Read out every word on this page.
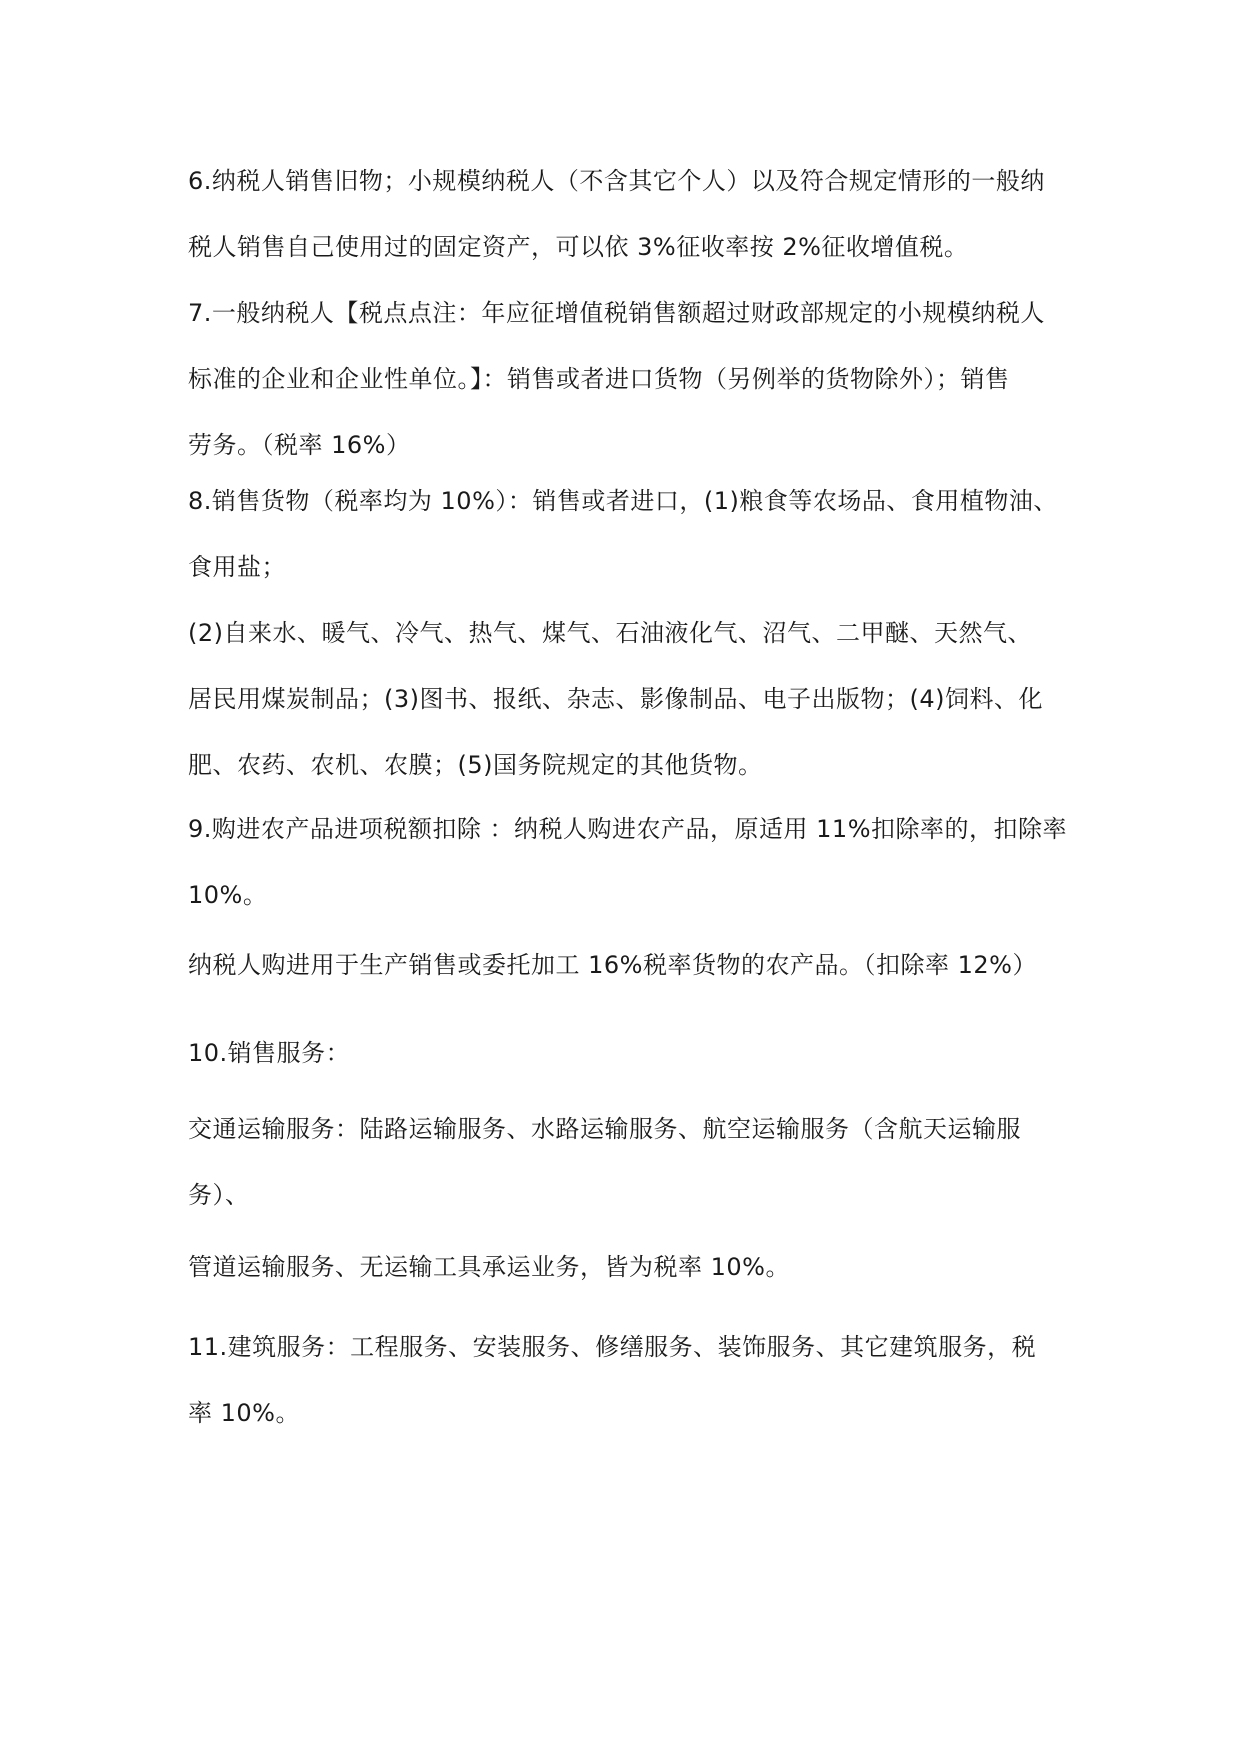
6.纳税人销售旧物；小规模纳税人（不含其它个人）以及符合规定情形的一般纳
税人销售自己使用过的固定资产，可以依 3%征收率按 2%征收增值税。

7.一般纳税人【税点点注：年应征增值税销售额超过财政部规定的小规模纳税人
标准的企业和企业性单位。】：销售或者进口货物（另例举的货物除外）；销售
劳务。（税率 16%）

8.销售货物（税率均为 10%）：销售或者进口，(1)粮食等农场品、食用植物油、
食用盐；

(2)自来水、暖气、冷气、热气、煤气、石油液化气、沼气、二甲醚、天然气、
居民用煤炭制品；(3)图书、报纸、杂志、影像制品、电子出版物；(4)饲料、化
肥、农药、农机、农膜；(5)国务院规定的其他货物。

9.购进农产品进项税额扣除 ：纳税人购进农产品，原适用 11%扣除率的，扣除率
10%。

纳税人购进用于生产销售或委托加工 16%税率货物的农产品。（扣除率 12%）

10.销售服务：

交通运输服务：陆路运输服务、水路运输服务、航空运输服务（含航天运输服
务）、

管道运输服务、无运输工具承运业务，皆为税率 10%。

11.建筑服务：工程服务、安装服务、修缮服务、装饰服务、其它建筑服务，税
率 10%。
